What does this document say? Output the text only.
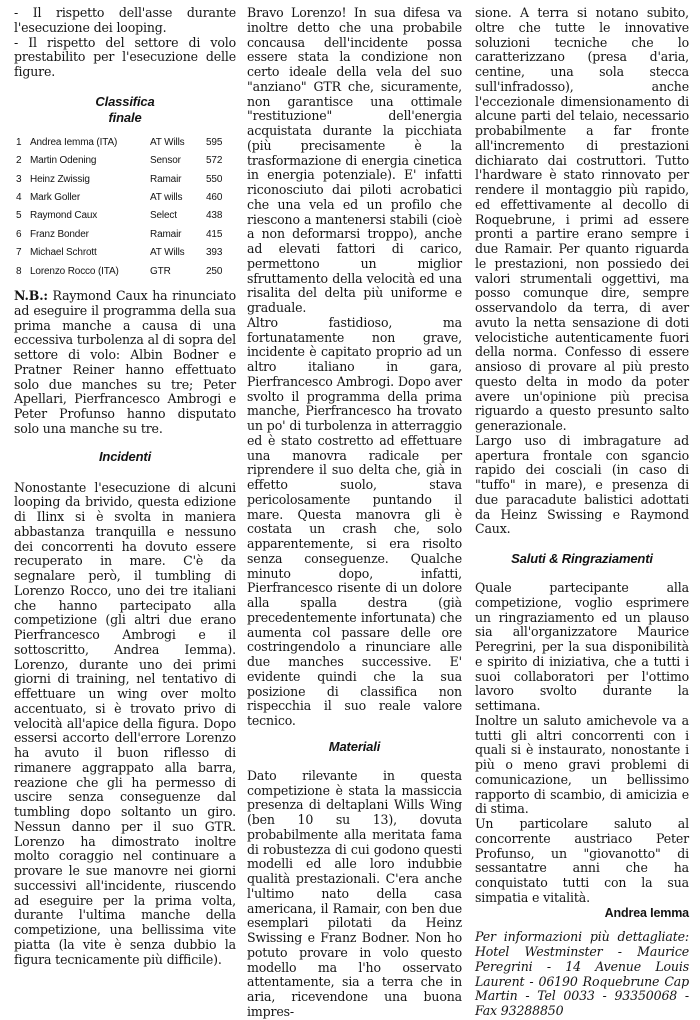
- Il rispetto dell'asse durante l'esecuzione dei looping.
- Il rispetto del settore di volo prestabilito per l'esecuzione delle figure.

Classifica
finale
1	Andrea Iemma (ITA)	AT Wills	595
2	Martin Odening	Sensor	572
3	Heinz Zwissig	Ramair	550
4	Mark Goller	AT wills	460
5	Raymond Caux	Select	438
6	Franz Bonder	Ramair	415
7	Michael Schrott	AT Wills	393
8	Lorenzo Rocco (ITA)	GTR	250

N.B.: Raymond Caux ha rinunciato ad eseguire il programma della sua prima manche a causa di una eccessiva turbolenza al di sopra del settore di volo: Albin Bodner e Pratner Reiner hanno effettuato solo due manches su tre; Peter Apellari, Pierfrancesco Ambrogi e Peter Profunso hanno disputato solo una manche su tre.

Incidenti

Nonostante l'esecuzione di alcuni looping da brivido, questa edizione di Ilinx si è svolta in maniera abbastanza tranquilla e nessuno dei concorrenti ha dovuto essere recuperato in mare. C'è da segnalare però, il tumbling di Lorenzo Rocco, uno dei tre italiani che hanno partecipato alla competizione (gli altri due erano Pierfrancesco Ambrogi e il sottoscritto, Andrea Iemma). Lorenzo, durante uno dei primi giorni di training, nel tentativo di effettuare un wing over molto accentuato, si è trovato privo di velocità all'apice della figura. Dopo essersi accorto dell'errore Lorenzo ha avuto il buon riflesso di rimanere aggrappato alla barra, reazione che gli ha permesso di uscire senza conseguenze dal tumbling dopo soltanto un giro. Nessun danno per il suo GTR. Lorenzo ha dimostrato inoltre molto coraggio nel continuare a provare le sue manovre nei giorni successivi all'incidente, riuscendo ad eseguire per la prima volta, durante l'ultima manche della competizione, una bellissima vite piatta (la vite è senza dubbio la figura tecnicamente più difficile).

Bravo Lorenzo! In sua difesa va inoltre detto che una probabile concausa dell'incidente possa essere stata la condizione non certo ideale della vela del suo "anziano" GTR che, sicuramente, non garantisce una ottimale "restituzione" dell'energia acquistata durante la picchiata (più precisamente è la trasformazione di energia cinetica in energia potenziale). E' infatti riconosciuto dai piloti acrobatici che una vela ed un profilo che riescono a mantenersi stabili (cioè a non deformarsi troppo), anche ad elevati fattori di carico, permettono un miglior sfruttamento della velocità ed una risalita del delta più uniforme e graduale.

Altro fastidioso, ma fortunatamente non grave, incidente è capitato proprio ad un altro italiano in gara, Pierfrancesco Ambrogi. Dopo aver svolto il programma della prima manche, Pierfrancesco ha trovato un po' di turbolenza in atterraggio ed è stato costretto ad effettuare una manovra radicale per riprendere il suo delta che, già in effetto suolo, stava pericolosamente puntando il mare. Questa manovra gli è costata un crash che, solo apparentemente, si era risolto senza conseguenze. Qualche minuto dopo, infatti, Pierfrancesco risente di un dolore alla spalla destra (già precedentemente infortunata) che aumenta col passare delle ore costringendolo a rinunciare alle due manches successive. E' evidente quindi che la sua posizione di classifica non rispecchia il suo reale valore tecnico.

Materiali

Dato rilevante in questa competizione è stata la massiccia presenza di deltaplani Wills Wing (ben 10 su 13), dovuta probabilmente alla meritata fama di robustezza di cui godono questi modelli ed alle loro indubbie qualità prestazionali. C'era anche l'ultimo nato della casa americana, il Ramair, con ben due esemplari pilotati da Heinz Swissing e Franz Bodner. Non ho potuto provare in volo questo modello ma l'ho osservato attentamente, sia a terra che in aria, ricevendone una buona impres-

sione. A terra si notano subito, oltre che tutte le innovative soluzioni tecniche che lo caratterizzano (presa d'aria, centine, una sola stecca sull'infradosso), anche l'eccezionale dimensionamento di alcune parti del telaio, necessario probabilmente a far fronte all'incremento di prestazioni dichiarato dai costruttori. Tutto l'hardware è stato rinnovato per rendere il montaggio più rapido, ed effettivamente al decollo di Roquebrune, i primi ad essere pronti a partire erano sempre i due Ramair. Per quanto riguarda le prestazioni, non possiedo dei valori strumentali oggettivi, ma posso comunque dire, sempre osservandolo da terra, di aver avuto la netta sensazione di doti velocistiche autenticamente fuori della norma. Confesso di essere ansioso di provare al più presto questo delta in modo da poter avere un'opinione più precisa riguardo a questo presunto salto generazionale.

Largo uso di imbragature ad apertura frontale con sgancio rapido dei cosciali (in caso di "tuffo" in mare), e presenza di due paracadute balistici adottati da Heinz Swissing e Raymond Caux.

Saluti & Ringraziamenti

Quale partecipante alla competizione, voglio esprimere un ringraziamento ed un plauso sia all'organizzatore Maurice Peregrini, per la sua disponibilità e spirito di iniziativa, che a tutti i suoi collaboratori per l'ottimo lavoro svolto durante la settimana.

Inoltre un saluto amichevole va a tutti gli altri concorrenti con i quali si è instaurato, nonostante i più o meno gravi problemi di comunicazione, un bellissimo rapporto di scambio, di amicizia e di stima.

Un particolare saluto al concorrente austriaco Peter Profunso, un "giovanotto" di sessantatre anni che ha conquistato tutti con la sua simpatia e vitalità.

Andrea Iemma

Per informazioni più dettagliate: Hotel Westminster - Maurice Peregrini - 14 Avenue Louis Laurent - 06190 Roquebrune Cap Martin - Tel 0033 - 93350068 - Fax 93288850
